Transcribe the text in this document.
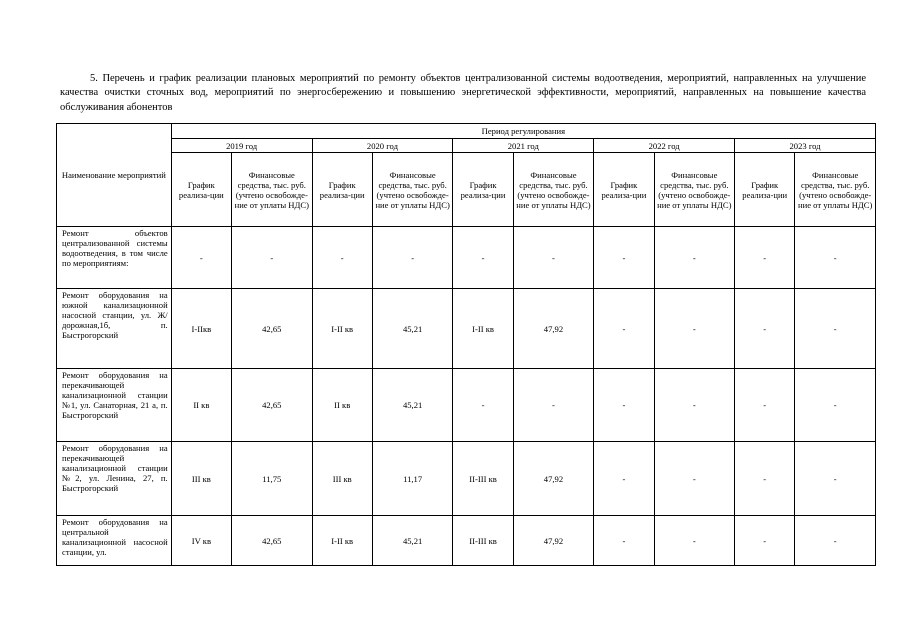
5. Перечень и график реализации плановых мероприятий по ремонту объектов централизованной системы водоотведения, мероприятий, направленных на улучшение качества очистки сточных вод, мероприятий по энергосбережению и повышению энергетической эффективности, мероприятий, направленных на повышение качества обслуживания абонентов

Наименование мероприятий	Период регулирования									
	2019 год		2020 год		2021 год		2022 год		2023 год	
	График реализа-ции	Финансовые средства, тыс. руб. (учтено освобожде-ние от уплаты НДС)	График реализа-ции	Финансовые средства, тыс. руб. (учтено освобожде-ние от уплаты НДС)	График реализа-ции	Финансовые средства, тыс. руб. (учтено освобожде-ние от уплаты НДС)	График реализа-ции	Финансовые средства, тыс. руб. (учтено освобожде-ние от уплаты НДС)	График реализа-ции	Финансовые средства, тыс. руб. (учтено освобожде-ние от уплаты НДС)
Ремонт объектов централизованной системы водоотведения, в том числе по мероприятиям:	-	-	-	-	-	-	-	-	-	-
Ремонт оборудования на южной канализационной насосной станции, ул. Ж/дорожная,1б, п. Быстрогорский	I-IIкв	42,65	I-II кв	45,21	I-II кв	47,92	-	-	-	-
Ремонт оборудования на перекачивающей канализационной станции №1, ул. Санаторная, 21 а, п. Быстрогорский	II кв	42,65	II кв	45,21	-	-	-	-	-	-
Ремонт оборудования на перекачивающей канализационной станции №2, ул. Ленина, 27, п. Быстрогорский	III кв	11,75	III кв	11,17	II-III кв	47,92	-	-	-	-

Ремонт оборудования на центральной канализационной насосной станции, ул.	IV кв	42,65	I-II кв	45,21	II-III кв	47,92	-	-	-	-
